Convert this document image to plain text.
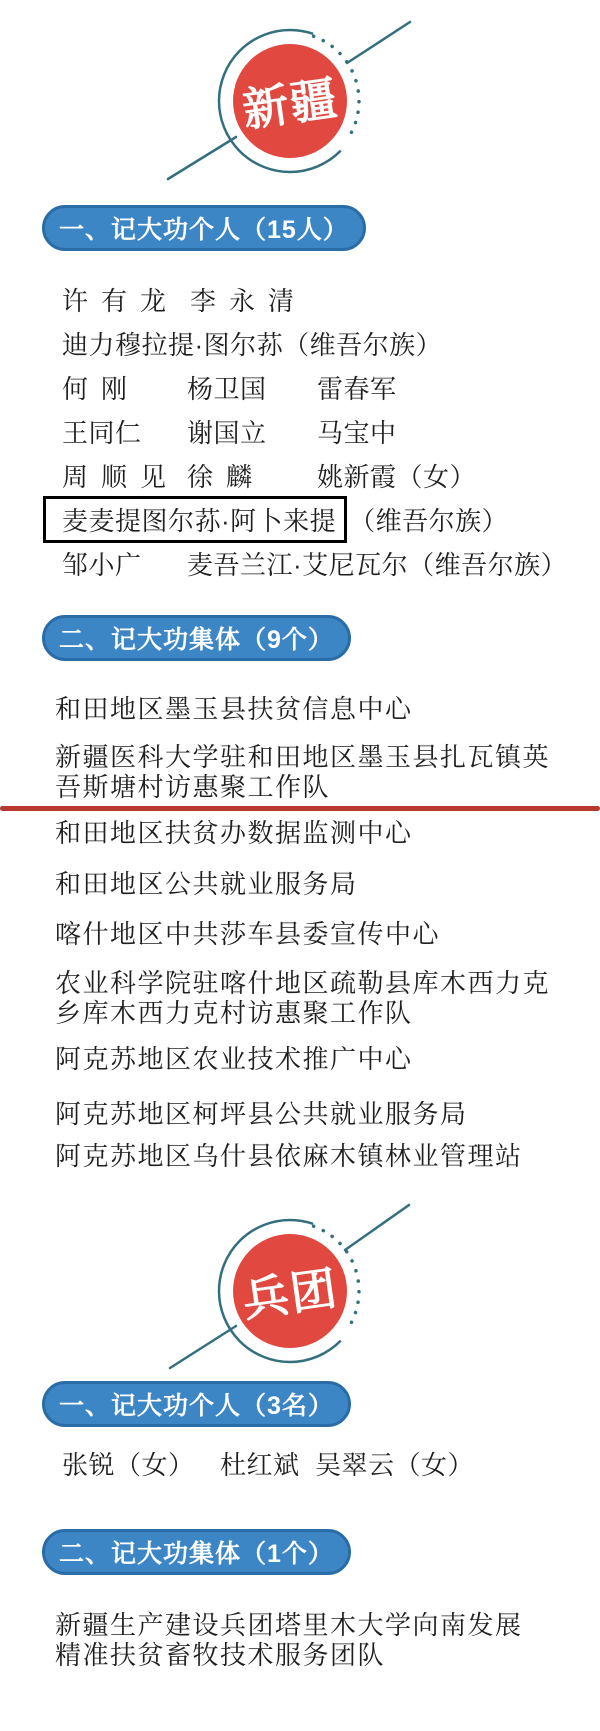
新疆
一、记大功个人（15人）
许有龙 李永清
迪力穆拉提·图尔荪（维吾尔族）
何刚	杨卫国	雷春军
王同仁	谢国立	马宝中
周顺见 徐麟	姚新霞（女）
麦麦提图尔荪·阿卜来提 （维吾尔族）
邹小广	麦吾兰江·艾尼瓦尔（维吾尔族）
二、记大功集体（9个）
和田地区墨玉县扶贫信息中心
新疆医科大学驻和田地区墨玉县扎瓦镇英
吾斯塘村访惠聚工作队
和田地区扶贫办数据监测中心
和田地区公共就业服务局
喀什地区中共莎车县委宣传中心
农业科学院驻喀什地区疏勒县库木西力克
乡库木西力克村访惠聚工作队
阿克苏地区农业技术推广中心
阿克苏地区柯坪县公共就业服务局
阿克苏地区乌什县依麻木镇林业管理站
兵团
一、记大功个人（3名）
张锐（女） 杜红斌 吴翠云（女）
二、记大功集体（1个）
新疆生产建设兵团塔里木大学向南发展
精准扶贫畜牧技术服务团队
